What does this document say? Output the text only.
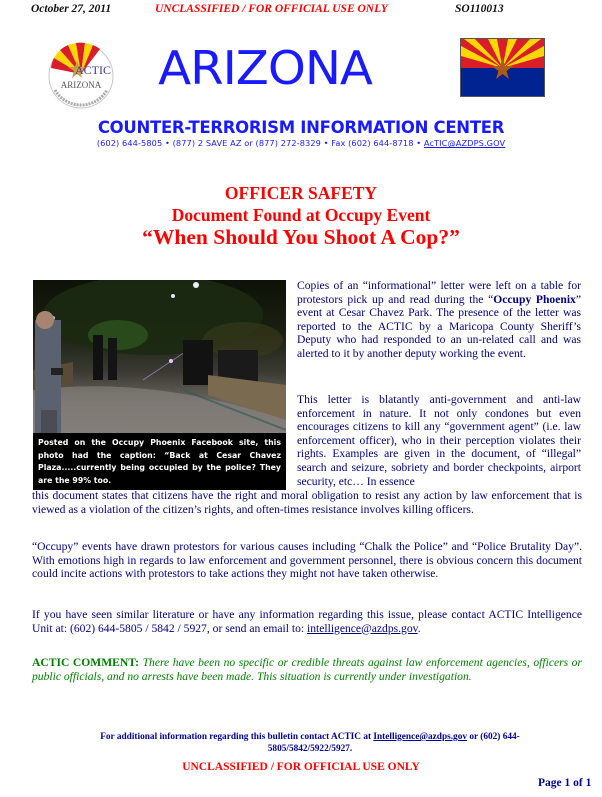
October 27, 2011	UNCLASSIFIED / FOR OFFICIAL USE ONLY	SO110013
ACTIC
ARIZONA	ARIZONA
COUNTER-TERRORISM INFORMATION CENTER
(602) 644-5805 • (877) 2 SAVE AZ or (877) 272-8329 • Fax (602) 644-8718 • AcTIC@AZDPS.GOV
OFFICER SAFETY
Document Found at Occupy Event
“When Should You Shoot A Cop?”
Posted on the Occupy Phoenix Facebook site, this photo had the caption: “Back at Cesar Chavez Plaza.....currently being occupied by the police? They are the 99% too.
Copies of an “informational” letter were left on a table for protestors pick up and read during the “Occupy Phoenix” event at Cesar Chavez Park. The presence of the letter was reported to the ACTIC by a Maricopa County Sheriff’s Deputy who had responded to an un-related call and was alerted to it by another deputy working the event.
This letter is blatantly anti-government and anti-law enforcement in nature. It not only condones but even encourages citizens to kill any “government agent” (i.e. law enforcement officer), who in their perception violates their rights. Examples are given in the document, of “illegal” search and seizure, sobriety and border checkpoints, airport security, etc… In essence
this document states that citizens have the right and moral obligation to resist any action by law enforcement that is viewed as a violation of the citizen’s rights, and often-times resistance involves killing officers.
“Occupy” events have drawn protestors for various causes including “Chalk the Police” and “Police Brutality Day”. With emotions high in regards to law enforcement and government personnel, there is obvious concern this document could incite actions with protestors to take actions they might not have taken otherwise.
If you have seen similar literature or have any information regarding this issue, please contact ACTIC Intelligence Unit at: (602) 644-5805 / 5842 / 5927, or send an email to: intelligence@azdps.gov.
ACTIC COMMENT: There have been no specific or credible threats against law enforcement agencies, officers or public officials, and no arrests have been made. This situation is currently under investigation.
For additional information regarding this bulletin contact ACTIC at Intelligence@azdps.gov or (602) 644-5805/5842/5922/5927.
UNCLASSIFIED / FOR OFFICIAL USE ONLY
Page 1 of 1
